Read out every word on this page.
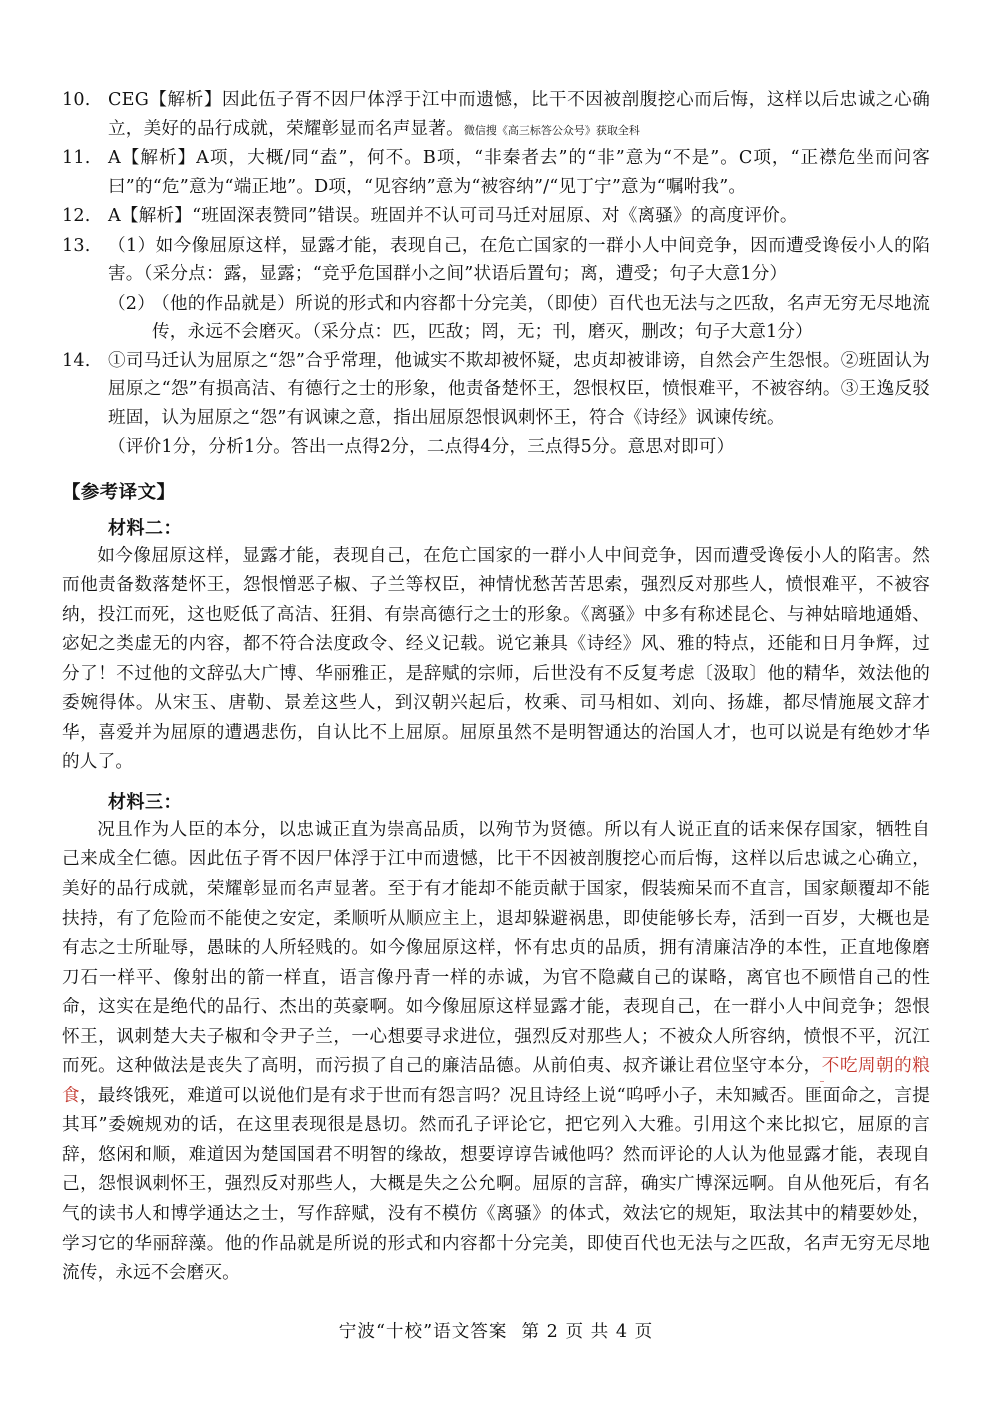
10. CEG【解析】因此伍子胥不因尸体浮于江中而遗憾，比干不因被剖腹挖心而后悔，这样以后忠诚之心确立，美好的品行成就，荣耀彰显而名声显著。微信搜《高三标答公众号》获取全科
11. A【解析】A项，大概/同“盍”，何不。B项，“非秦者去”的“非”意为“不是”。C项，“正襟危坐而问客曰”的“危”意为“端正地”。D项，“见容纳”意为“被容纳”/“见丁宁”意为“嘱咐我”。
12. A【解析】“班固深表赞同”错误。班固并不认可司马迁对屈原、对《离骚》的高度评价。
13. （1）如今像屈原这样，显露才能，表现自己，在危亡国家的一群小人中间竞争，因而遭受谗佞小人的陷害。（采分点：露，显露；“竞乎危国群小之间”状语后置句；离，遭受；句子大意1分）
（2）
（他的作品就是）所说的形式和内容都十分完美，（即使）百代也无法与之匹敌，名声无穷无尽地流传，永远不会磨灭。（采分点：匹，匹敌；罔，无；刊，磨灭，删改；句子大意1分）
14. ①司马迁认为屈原之“怨”合乎常理，他诚实不欺却被怀疑，忠贞却被诽谤，自然会产生怨恨。②班固认为屈原之“怨”有损高洁、有德行之士的形象，他责备楚怀王，怨恨权臣，愤恨难平，不被容纳。③王逸反驳班固，认为屈原之“怨”有讽谏之意，指出屈原怨恨讽刺怀王，符合《诗经》讽谏传统。
（评价1分，分析1分。答出一点得2分，二点得4分，三点得5分。意思对即可）
【参考译文】
材料二：

如今像屈原这样，显露才能，表现自己，在危亡国家的一群小人中间竞争，因而遭受谗佞小人的陷害。然而他责备数落楚怀王，怨恨憎恶子椒、子兰等权臣，神情忧愁苦苦思索，强烈反对那些人，愤恨难平，不被容纳，投江而死，这也贬低了高洁、狂狷、有崇高德行之士的形象。《离骚》中多有称述昆仑、与神姑暗地通婚、宓妃之类虚无的内容，都不符合法度政令、经义记载。说它兼具《诗经》风、雅的特点，还能和日月争辉，过分了！不过他的文辞弘大广博、华丽雅正，是辞赋的宗师，后世没有不反复考虑〔汲取〕他的精华，效法他的委婉得体。从宋玉、唐勒、景差这些人，到汉朝兴起后，枚乘、司马相如、刘向、扬雄，都尽情施展文辞才华，喜爱并为屈原的遭遇悲伤，自认比不上屈原。屈原虽然不是明智通达的治国人才，也可以说是有绝妙才华的人了。

材料三：

况且作为人臣的本分，以忠诚正直为崇高品质，以殉节为贤德。所以有人说正直的话来保存国家，牺牲自己来成全仁德。因此伍子胥不因尸体浮于江中而遗憾，比干不因被剖腹挖心而后悔，这样以后忠诚之心确立，美好的品行成就，荣耀彰显而名声显著。至于有才能却不能贡献于国家，假装痴呆而不直言，国家颠覆却不能扶持，有了危险而不能使之安定，柔顺听从顺应主上，退却躲避祸患，即使能够长寿，活到一百岁，大概也是有志之士所耻辱，愚昧的人所轻贱的。如今像屈原这样，怀有忠贞的品质，拥有清廉洁净的本性，正直地像磨刀石一样平、像射出的箭一样直，语言像丹青一样的赤诚，为官不隐藏自己的谋略，离官也不顾惜自己的性命，这实在是绝代的品行、杰出的英豪啊。如今像屈原这样显露才能，表现自己，在一群小人中间竞争；怨恨怀王，讽刺楚大夫子椒和令尹子兰，一心想要寻求进位，强烈反对那些人；不被众人所容纳，愤恨不平，沉江而死。这种做法是丧失了高明，而污损了自己的廉洁品德。从前伯夷、叔齐谦让君位坚守本分，不吃周朝的粮食，最终饿死，难道可以说他们是有求于世而有怨言吗？况且诗经上说“呜呼小子，未知臧否。匪面命之，言提其耳”委婉规劝的话，在这里表现很是恳切。然而孔子评论它，把它列入大雅。引用这个来比拟它，屈原的言辞，悠闲和顺，难道因为楚国国君不明智的缘故，想要谆谆告诫他吗？然而评论的人认为他显露才能，表现自己，怨恨讽刺怀王，强烈反对那些人，大概是失之公允啊。屈原的言辞，确实广博深远啊。自从他死后，有名气的读书人和博学通达之士，写作辞赋，没有不模仿《离骚》的体式，效法它的规矩，取法其中的精要妙处，学习它的华丽辞藻。他的作品就是所说的形式和内容都十分完美，即使百代也无法与之匹敌，名声无穷无尽地流传，永远不会磨灭。

宁波“十校”语文答案 第 2 页 共 4 页
